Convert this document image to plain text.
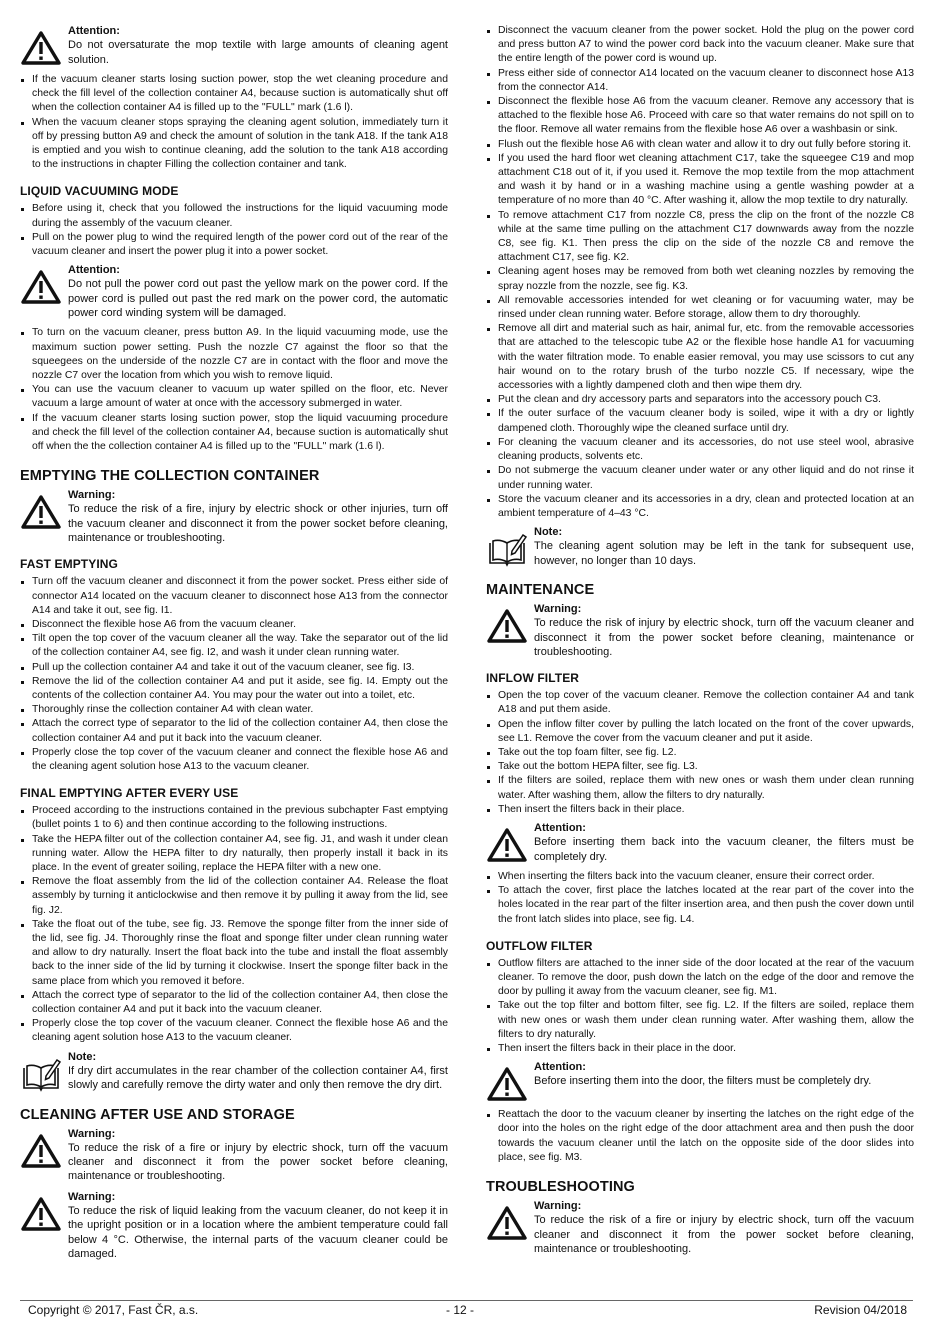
Attention:
Do not oversaturate the mop textile with large amounts of cleaning agent solution.
If the vacuum cleaner starts losing suction power, stop the wet cleaning procedure and check the fill level of the collection container A4, because suction is automatically shut off when the collection container A4 is filled up to the "FULL" mark (1.6 l).
When the vacuum cleaner stops spraying the cleaning agent solution, immediately turn it off by pressing button A9 and check the amount of solution in the tank A18. If the tank A18 is emptied and you wish to continue cleaning, add the solution to the tank A18 according to the instructions in chapter Filling the collection container and tank.
LIQUID VACUUMING MODE
Before using it, check that you followed the instructions for the liquid vacuuming mode during the assembly of the vacuum cleaner.
Pull on the power plug to wind the required length of the power cord out of the rear of the vacuum cleaner and insert the power plug it into a power socket.
Attention:
Do not pull the power cord out past the yellow mark on the power cord. If the power cord is pulled out past the red mark on the power cord, the automatic power cord winding system will be damaged.
To turn on the vacuum cleaner, press button A9. In the liquid vacuuming mode, use the maximum suction power setting. Push the nozzle C7 against the floor so that the squeegees on the underside of the nozzle C7 are in contact with the floor and move the nozzle C7 over the location from which you wish to remove liquid.
You can use the vacuum cleaner to vacuum up water spilled on the floor, etc. Never vacuum a large amount of water at once with the accessory submerged in water.
If the vacuum cleaner starts losing suction power, stop the liquid vacuuming procedure and check the fill level of the collection container A4, because suction is automatically shut off when the the collection container A4 is filled up to the "FULL" mark (1.6 l).
EMPTYING THE COLLECTION CONTAINER
Warning:
To reduce the risk of a fire, injury by electric shock or other injuries, turn off the vacuum cleaner and disconnect it from the power socket before cleaning, maintenance or troubleshooting.
FAST EMPTYING
Turn off the vacuum cleaner and disconnect it from the power socket. Press either side of connector A14 located on the vacuum cleaner to disconnect hose A13 from the connector A14 and take it out, see fig. I1.
Disconnect the flexible hose A6 from the vacuum cleaner.
Tilt open the top cover of the vacuum cleaner all the way. Take the separator out of the lid of the collection container A4, see fig. I2, and wash it under clean running water.
Pull up the collection container A4 and take it out of the vacuum cleaner, see fig. I3.
Remove the lid of the collection container A4 and put it aside, see fig. I4. Empty out the contents of the collection container A4. You may pour the water out into a toilet, etc.
Thoroughly rinse the collection container A4 with clean water.
Attach the correct type of separator to the lid of the collection container A4, then close the collection container A4 and put it back into the vacuum cleaner.
Properly close the top cover of the vacuum cleaner and connect the flexible hose A6 and the cleaning agent solution hose A13 to the vacuum cleaner.
FINAL EMPTYING AFTER EVERY USE
Proceed according to the instructions contained in the previous subchapter Fast emptying (bullet points 1 to 6) and then continue according to the following instructions.
Take the HEPA filter out of the collection container A4, see fig. J1, and wash it under clean running water. Allow the HEPA filter to dry naturally, then properly install it back in its place. In the event of greater soiling, replace the HEPA filter with a new one.
Remove the float assembly from the lid of the collection container A4. Release the float assembly by turning it anticlockwise and then remove it by pulling it away from the lid, see fig. J2.
Take the float out of the tube, see fig. J3. Remove the sponge filter from the inner side of the lid, see fig. J4. Thoroughly rinse the float and sponge filter under clean running water and allow to dry naturally. Insert the float back into the tube and install the float assembly back to the inner side of the lid by turning it clockwise. Insert the sponge filter back in the same place from which you removed it before.
Attach the correct type of separator to the lid of the collection container A4, then close the collection container A4 and put it back into the vacuum cleaner.
Properly close the top cover of the vacuum cleaner. Connect the flexible hose A6 and the cleaning agent solution hose A13 to the vacuum cleaner.
Note:
If dry dirt accumulates in the rear chamber of the collection container A4, first slowly and carefully remove the dirty water and only then remove the dry dirt.
CLEANING AFTER USE AND STORAGE
Warning:
To reduce the risk of a fire or injury by electric shock, turn off the vacuum cleaner and disconnect it from the power socket before cleaning, maintenance or troubleshooting.
Warning:
To reduce the risk of liquid leaking from the vacuum cleaner, do not keep it in the upright position or in a location where the ambient temperature could fall below 4 °C. Otherwise, the internal parts of the vacuum cleaner could be damaged.
Disconnect the vacuum cleaner from the power socket. Hold the plug on the power cord and press button A7 to wind the power cord back into the vacuum cleaner. Make sure that the entire length of the power cord is wound up.
Press either side of connector A14 located on the vacuum cleaner to disconnect hose A13 from the connector A14.
Disconnect the flexible hose A6 from the vacuum cleaner. Remove any accessory that is attached to the flexible hose A6. Proceed with care so that water remains do not spill on to the floor. Remove all water remains from the flexible hose A6 over a washbasin or sink.
Flush out the flexible hose A6 with clean water and allow it to dry out fully before storing it.
If you used the hard floor wet cleaning attachment C17, take the squeegee C19 and mop attachment C18 out of it, if you used it. Remove the mop textile from the mop attachment and wash it by hand or in a washing machine using a gentle washing powder at a temperature of no more than 40 °C. After washing it, allow the mop textile to dry naturally.
To remove attachment C17 from nozzle C8, press the clip on the front of the nozzle C8 while at the same time pulling on the attachment C17 downwards away from the nozzle C8, see fig. K1. Then press the clip on the side of the nozzle C8 and remove the attachment C17, see fig. K2.
Cleaning agent hoses may be removed from both wet cleaning nozzles by removing the spray nozzle from the nozzle, see fig. K3.
All removable accessories intended for wet cleaning or for vacuuming water, may be rinsed under clean running water. Before storage, allow them to dry thoroughly.
Remove all dirt and material such as hair, animal fur, etc. from the removable accessories that are attached to the telescopic tube A2 or the flexible hose handle A1 for vacuuming with the water filtration mode. To enable easier removal, you may use scissors to cut any hair wound on to the rotary brush of the turbo nozzle C5. If necessary, wipe the accessories with a lightly dampened cloth and then wipe them dry.
Put the clean and dry accessory parts and separators into the accessory pouch C3.
If the outer surface of the vacuum cleaner body is soiled, wipe it with a dry or lightly dampened cloth. Thoroughly wipe the cleaned surface until dry.
For cleaning the vacuum cleaner and its accessories, do not use steel wool, abrasive cleaning products, solvents etc.
Do not submerge the vacuum cleaner under water or any other liquid and do not rinse it under running water.
Store the vacuum cleaner and its accessories in a dry, clean and protected location at an ambient temperature of 4–43 °C.
Note:
The cleaning agent solution may be left in the tank for subsequent use, however, no longer than 10 days.
MAINTENANCE
Warning:
To reduce the risk of injury by electric shock, turn off the vacuum cleaner and disconnect it from the power socket before cleaning, maintenance or troubleshooting.
INFLOW FILTER
Open the top cover of the vacuum cleaner. Remove the collection container A4 and tank A18 and put them aside.
Open the inflow filter cover by pulling the latch located on the front of the cover upwards, see L1. Remove the cover from the vacuum cleaner and put it aside.
Take out the top foam filter, see fig. L2.
Take out the bottom HEPA filter, see fig. L3.
If the filters are soiled, replace them with new ones or wash them under clean running water. After washing them, allow the filters to dry naturally.
Then insert the filters back in their place.
Attention:
Before inserting them back into the vacuum cleaner, the filters must be completely dry.
When inserting the filters back into the vacuum cleaner, ensure their correct order.
To attach the cover, first place the latches located at the rear part of the cover into the holes located in the rear part of the filter insertion area, and then push the cover down until the front latch slides into place, see fig. L4.
OUTFLOW FILTER
Outflow filters are attached to the inner side of the door located at the rear of the vacuum cleaner. To remove the door, push down the latch on the edge of the door and remove the door by pulling it away from the vacuum cleaner, see fig. M1.
Take out the top filter and bottom filter, see fig. L2. If the filters are soiled, replace them with new ones or wash them under clean running water. After washing them, allow the filters to dry naturally.
Then insert the filters back in their place in the door.
Attention:
Before inserting them into the door, the filters must be completely dry.
Reattach the door to the vacuum cleaner by inserting the latches on the right edge of the door into the holes on the right edge of the door attachment area and then push the door towards the vacuum cleaner until the latch on the opposite side of the door slides into place, see fig. M3.
TROUBLESHOOTING
Warning:
To reduce the risk of a fire or injury by electric shock, turn off the vacuum cleaner and disconnect it from the power socket before cleaning, maintenance or troubleshooting.
Copyright © 2017, Fast ČR, a.s.	- 12 -	Revision 04/2018
